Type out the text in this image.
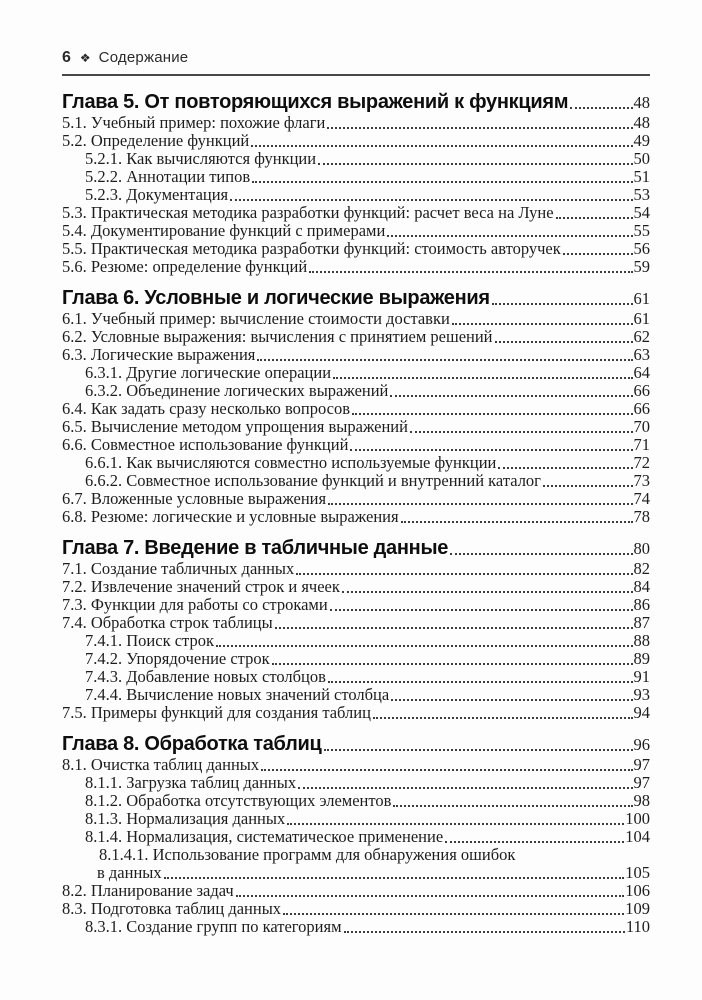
6 ❖ Содержание
Глава 5. От повторяющихся выражений к функциям	48
5.1. Учебный пример: похожие флаги	48
5.2. Определение функций	49
5.2.1. Как вычисляются функции	50
5.2.2. Аннотации типов	51
5.2.3. Документация	53
5.3. Практическая методика разработки функций: расчет веса на Луне	54
5.4. Документирование функций с примерами	55
5.5. Практическая методика разработки функций: стоимость авторучек	56
5.6. Резюме: определение функций	59
Глава 6. Условные и логические выражения	61
6.1. Учебный пример: вычисление стоимости доставки	61
6.2. Условные выражения: вычисления с принятием решений	62
6.3. Логические выражения	63
6.3.1. Другие логические операции	64
6.3.2. Объединение логических выражений	66
6.4. Как задать сразу несколько вопросов	66
6.5. Вычисление методом упрощения выражений	70
6.6. Совместное использование функций	71
6.6.1. Как вычисляются совместно используемые функции	72
6.6.2. Совместное использование функций и внутренний каталог	73
6.7. Вложенные условные выражения	74
6.8. Резюме: логические и условные выражения	78
Глава 7. Введение в табличные данные	80
7.1. Создание табличных данных	82
7.2. Извлечение значений строк и ячеек	84
7.3. Функции для работы со строками	86
7.4. Обработка строк таблицы	87
7.4.1. Поиск строк	88
7.4.2. Упорядочение строк	89
7.4.3. Добавление новых столбцов	91
7.4.4. Вычисление новых значений столбца	93
7.5. Примеры функций для создания таблиц	94
Глава 8. Обработка таблиц	96
8.1. Очистка таблиц данных	97
8.1.1. Загрузка таблиц данных	97
8.1.2. Обработка отсутствующих элементов	98
8.1.3. Нормализация данных	100
8.1.4. Нормализация, систематическое применение	104
8.1.4.1. Использование программ для обнаружения ошибок
в данных	105
8.2. Планирование задач	106
8.3. Подготовка таблиц данных	109
8.3.1. Создание групп по категориям	110
